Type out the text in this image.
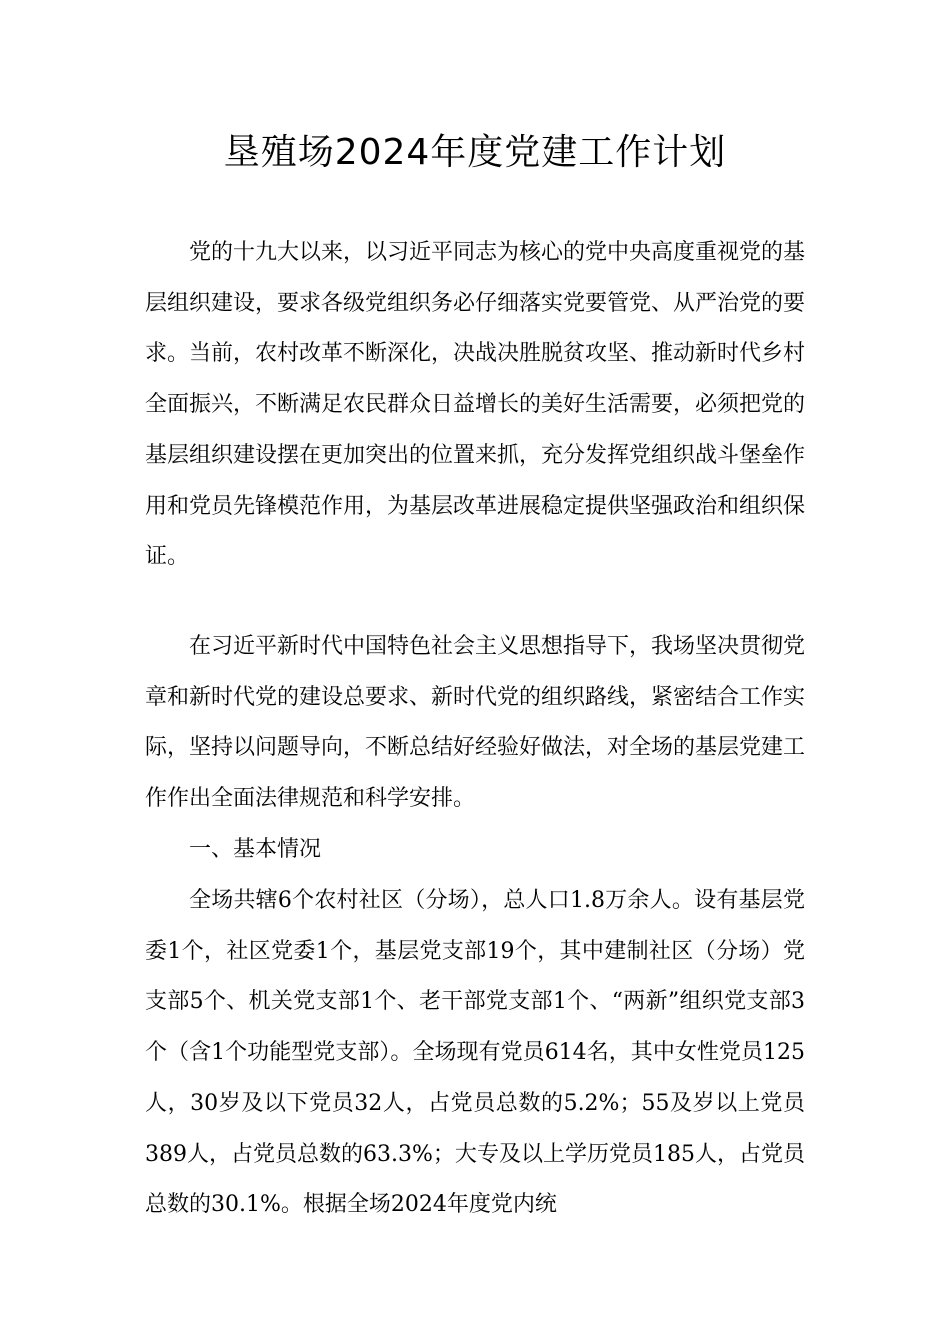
垦殖场2024年度党建工作计划

党的十九大以来，以习近平同志为核心的党中央高度重视党的基层组织建设，要求各级党组织务必仔细落实党要管党、从严治党的要求。当前，农村改革不断深化，决战决胜脱贫攻坚、推动新时代乡村全面振兴，不断满足农民群众日益增长的美好生活需要，必须把党的基层组织建设摆在更加突出的位置来抓，充分发挥党组织战斗堡垒作用和党员先锋模范作用，为基层改革进展稳定提供坚强政治和组织保证。

在习近平新时代中国特色社会主义思想指导下，我场坚决贯彻党章和新时代党的建设总要求、新时代党的组织路线，紧密结合工作实际，坚持以问题导向，不断总结好经验好做法，对全场的基层党建工作作出全面法律规范和科学安排。

一、基本情况

全场共辖6个农村社区（分场），总人口1.8万余人。设有基层党委1个，社区党委1个，基层党支部19个，其中建制社区（分场）党支部5个、机关党支部1个、老干部党支部1个、“两新”组织党支部3个（含1个功能型党支部）。全场现有党员614名，其中女性党员125人，30岁及以下党员32人，占党员总数的5.2%；55及岁以上党员389人，占党员总数的63.3%；大专及以上学历党员185人，占党员总数的30.1%。根据全场2024年度党内统
